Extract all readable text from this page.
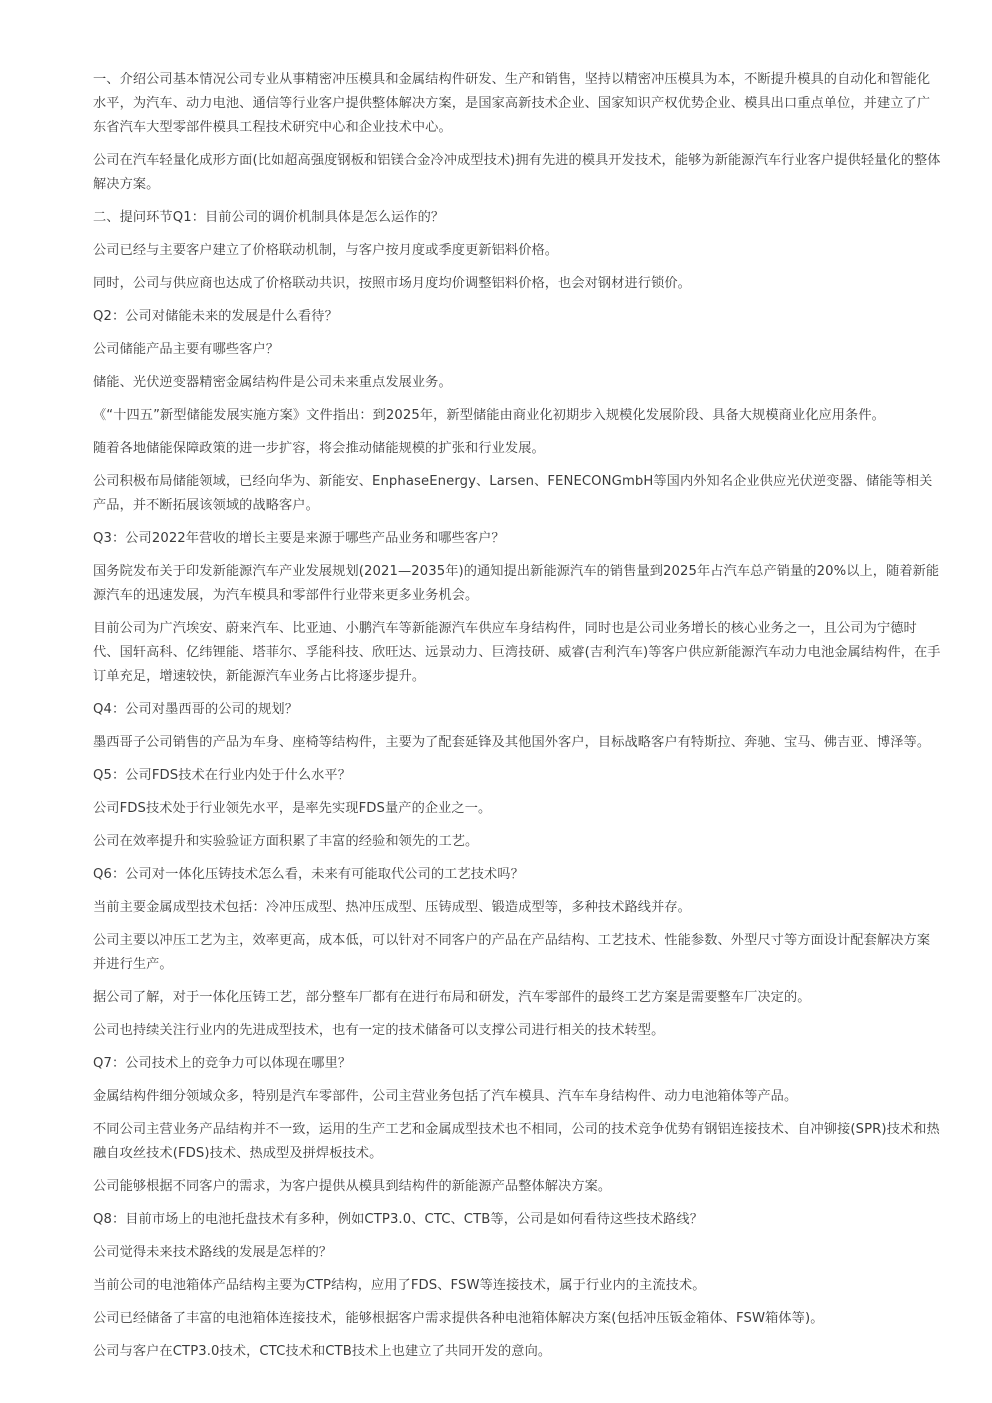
一、介绍公司基本情况公司专业从事精密冲压模具和金属结构件研发、生产和销售，坚持以精密冲压模具为本，不断提升模具的自动化和智能化水平，为汽车、动力电池、通信等行业客户提供整体解决方案，是国家高新技术企业、国家知识产权优势企业、模具出口重点单位，并建立了广东省汽车大型零部件模具工程技术研究中心和企业技术中心。

公司在汽车轻量化成形方面(比如超高强度钢板和铝镁合金冷冲成型技术)拥有先进的模具开发技术，能够为新能源汽车行业客户提供轻量化的整体解决方案。

二、提问环节Q1：目前公司的调价机制具体是怎么运作的？

公司已经与主要客户建立了价格联动机制，与客户按月度或季度更新铝料价格。

同时，公司与供应商也达成了价格联动共识，按照市场月度均价调整铝料价格，也会对钢材进行锁价。

Q2：公司对储能未来的发展是什么看待？

公司储能产品主要有哪些客户？

储能、光伏逆变器精密金属结构件是公司未来重点发展业务。

《“十四五”新型储能发展实施方案》文件指出：到2025年，新型储能由商业化初期步入规模化发展阶段、具备大规模商业化应用条件。

随着各地储能保障政策的进一步扩容，将会推动储能规模的扩张和行业发展。

公司积极布局储能领域，已经向华为、新能安、EnphaseEnergy、Larsen、FENECONGmbH等国内外知名企业供应光伏逆变器、储能等相关产品，并不断拓展该领域的战略客户。

Q3：公司2022年营收的增长主要是来源于哪些产品业务和哪些客户？

国务院发布关于印发新能源汽车产业发展规划(2021—2035年)的通知提出新能源汽车的销售量到2025年占汽车总产销量的20%以上，随着新能源汽车的迅速发展，为汽车模具和零部件行业带来更多业务机会。

目前公司为广汽埃安、蔚来汽车、比亚迪、小鹏汽车等新能源汽车供应车身结构件，同时也是公司业务增长的核心业务之一，且公司为宁德时代、国轩高科、亿纬锂能、塔菲尔、孚能科技、欣旺达、远景动力、巨湾技研、威睿(吉利汽车)等客户供应新能源汽车动力电池金属结构件，在手订单充足，增速较快，新能源汽车业务占比将逐步提升。

Q4：公司对墨西哥的公司的规划？

墨西哥子公司销售的产品为车身、座椅等结构件，主要为了配套延锋及其他国外客户，目标战略客户有特斯拉、奔驰、宝马、佛吉亚、博泽等。

Q5：公司FDS技术在行业内处于什么水平？

公司FDS技术处于行业领先水平，是率先实现FDS量产的企业之一。

公司在效率提升和实验验证方面积累了丰富的经验和领先的工艺。

Q6：公司对一体化压铸技术怎么看，未来有可能取代公司的工艺技术吗？

当前主要金属成型技术包括：冷冲压成型、热冲压成型、压铸成型、锻造成型等，多种技术路线并存。

公司主要以冲压工艺为主，效率更高，成本低，可以针对不同客户的产品在产品结构、工艺技术、性能参数、外型尺寸等方面设计配套解决方案并进行生产。

据公司了解，对于一体化压铸工艺，部分整车厂都有在进行布局和研发，汽车零部件的最终工艺方案是需要整车厂决定的。

公司也持续关注行业内的先进成型技术，也有一定的技术储备可以支撑公司进行相关的技术转型。

Q7：公司技术上的竞争力可以体现在哪里？

金属结构件细分领域众多，特别是汽车零部件，公司主营业务包括了汽车模具、汽车车身结构件、动力电池箱体等产品。

不同公司主营业务产品结构并不一致，运用的生产工艺和金属成型技术也不相同，公司的技术竞争优势有钢铝连接技术、自冲铆接(SPR)技术和热融自攻丝技术(FDS)技术、热成型及拼焊板技术。

公司能够根据不同客户的需求，为客户提供从模具到结构件的新能源产品整体解决方案。

Q8：目前市场上的电池托盘技术有多种，例如CTP3.0、CTC、CTB等，公司是如何看待这些技术路线？

公司觉得未来技术路线的发展是怎样的？

当前公司的电池箱体产品结构主要为CTP结构，应用了FDS、FSW等连接技术，属于行业内的主流技术。

公司已经储备了丰富的电池箱体连接技术，能够根据客户需求提供各种电池箱体解决方案(包括冲压钣金箱体、FSW箱体等)。

公司与客户在CTP3.0技术，CTC技术和CTB技术上也建立了共同开发的意向。
